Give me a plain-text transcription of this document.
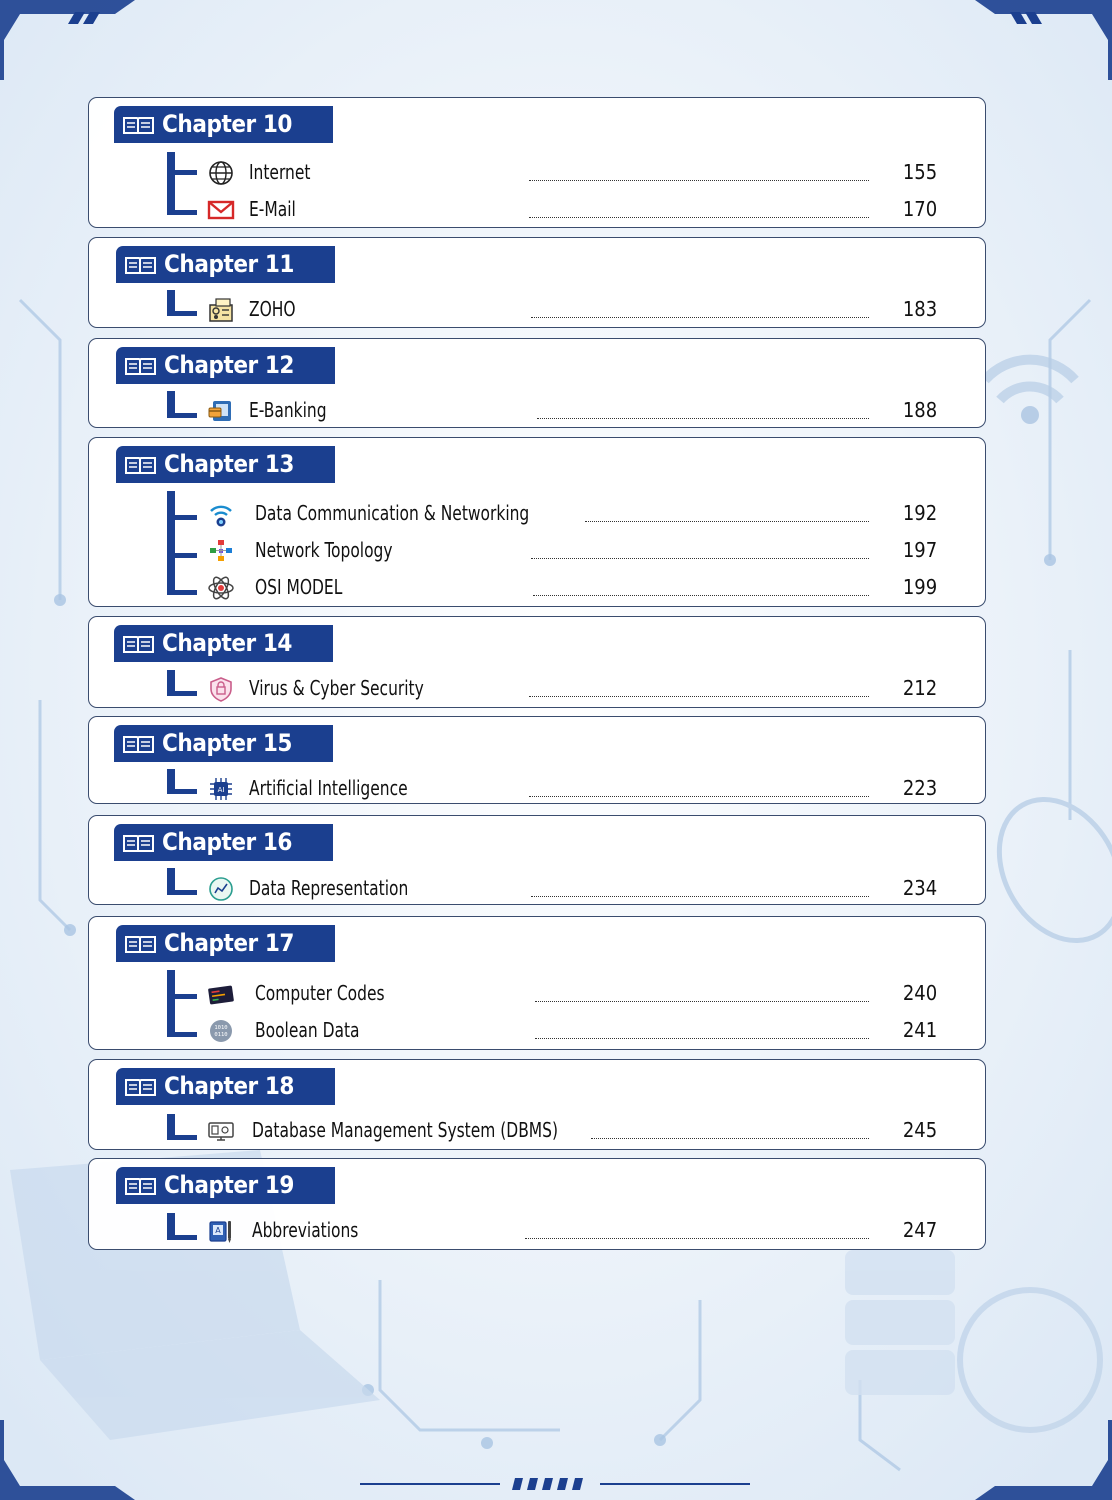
Chapter 10
Internet	155
E-Mail	170
Chapter 11
ZOHO	183
Chapter 12
E-Banking	188
Chapter 13
Data Communication & Networking	192
Network Topology	197
OSI MODEL	199
Chapter 14
Virus & Cyber Security	212
Chapter 15
AI Artificial Intelligence	223
Chapter 16
Data Representation	234
Chapter 17
Computer Codes	240
1010
0110 Boolean Data	241
Chapter 18
Database Management System (DBMS)	245
Chapter 19
A Abbreviations	247
